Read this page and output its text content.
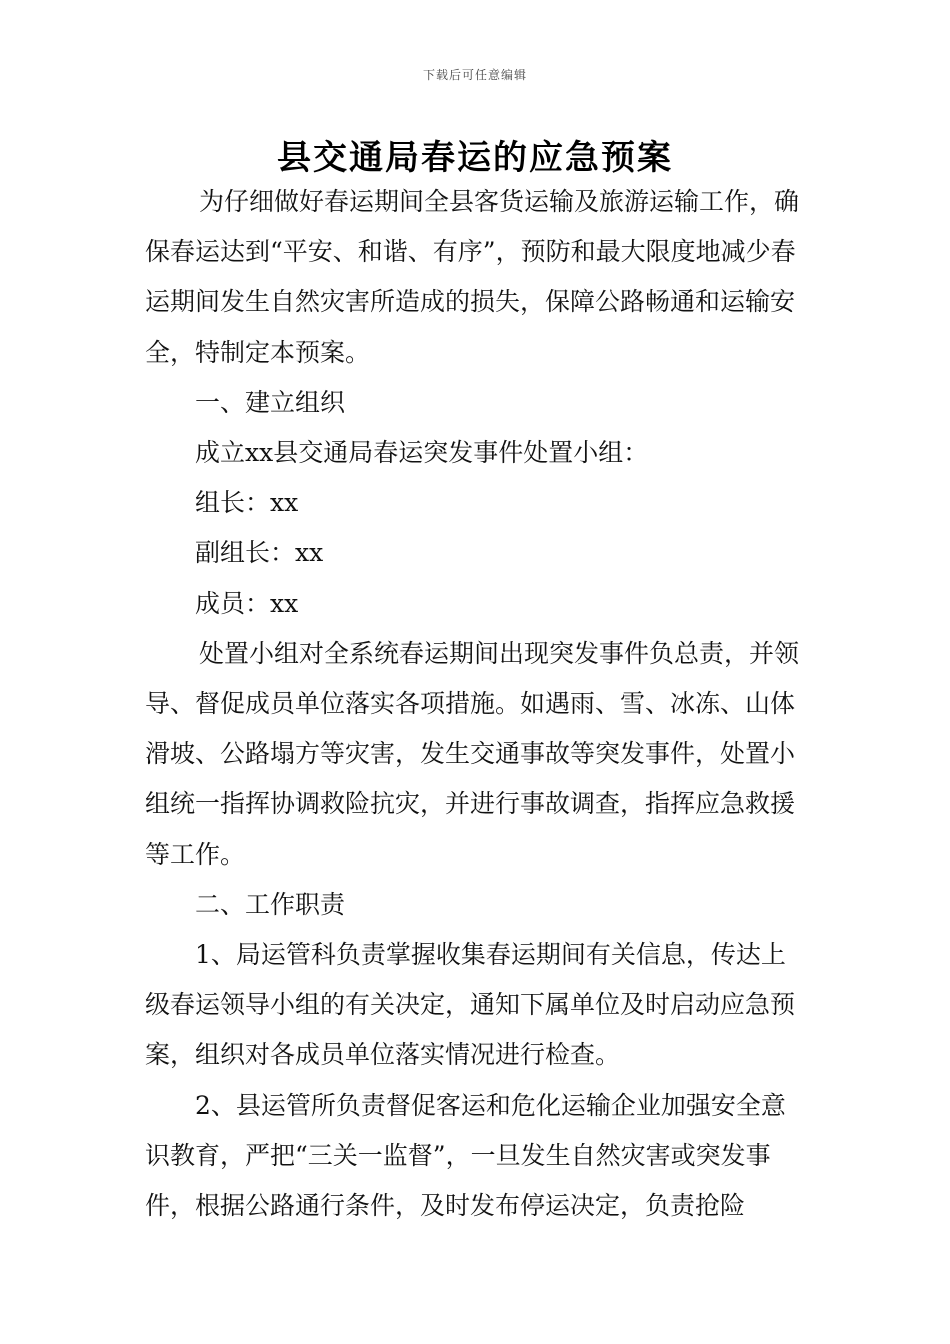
下载后可任意编辑
县交通局春运的应急预案

为仔细做好春运期间全县客货运输及旅游运输工作，确保春运达到“平安、和谐、有序”，预防和最大限度地减少春运期间发生自然灾害所造成的损失，保障公路畅通和运输安全，特制定本预案。

一、建立组织

成立xx县交通局春运突发事件处置小组：

组长：xx

副组长：xx

成员：xx

处置小组对全系统春运期间出现突发事件负总责，并领导、督促成员单位落实各项措施。如遇雨、雪、冰冻、山体滑坡、公路塌方等灾害，发生交通事故等突发事件，处置小组统一指挥协调救险抗灾，并进行事故调查，指挥应急救援等工作。

二、工作职责

1、局运管科负责掌握收集春运期间有关信息，传达上级春运领导小组的有关决定，通知下属单位及时启动应急预案，组织对各成员单位落实情况进行检查。

2、县运管所负责督促客运和危化运输企业加强安全意识教育，严把“三关一监督”，一旦发生自然灾害或突发事件，根据公路通行条件，及时发布停运决定，负责抢险
